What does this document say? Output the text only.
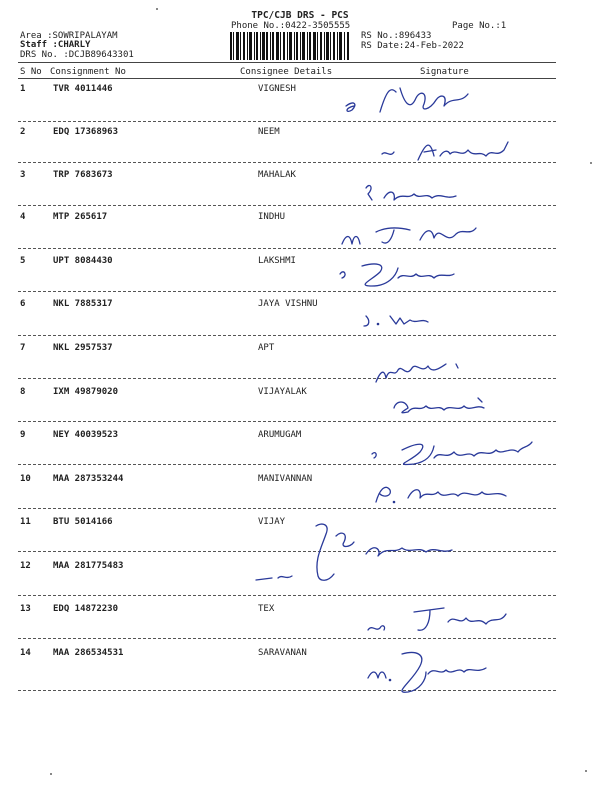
TPC/CJB DRS - PCS
Phone No.:0422-3505555	Page No.:1
Area :SOWRIPALAYAM
Staff :CHARLY
DRS No. :DCJB89643301
RS No.:896433
RS Date:24-Feb-2022
S No Consignment No	Consignee Details	Signature
1	TVR 4011446	VIGNESH
2	EDQ 17368963	NEEM
3	TRP 7683673	MAHALAK
4	MTP 265617	INDHU
5	UPT 8084430	LAKSHMI
6	NKL 7885317	JAYA VISHNU
7	NKL 2957537	APT
8	IXM 49879020	VIJAYALAK
9	NEY 40039523	ARUMUGAM
10 MAA 287353244	MANIVANNAN
11 BTU 5014166	VIJAY
12 MAA 281775483
13 EDQ 14872230	TEX
14 MAA 286534531	SARAVANAN
